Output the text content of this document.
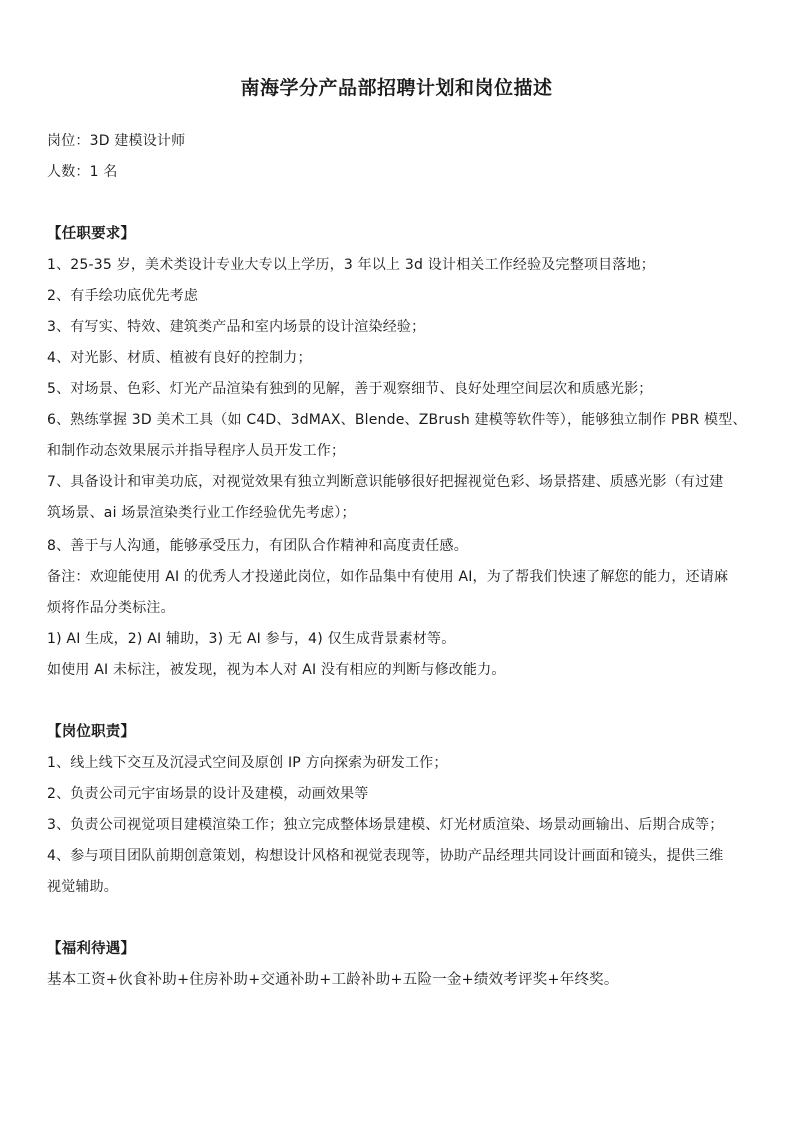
南海学分产品部招聘计划和岗位描述
岗位：3D 建模设计师
人数：1 名
【任职要求】
1、25-35 岁，美术类设计专业大专以上学历，3 年以上 3d 设计相关工作经验及完整项目落地；
2、有手绘功底优先考虑
3、有写实、特效、建筑类产品和室内场景的设计渲染经验；
4、对光影、材质、植被有良好的控制力；
5、对场景、色彩、灯光产品渲染有独到的见解，善于观察细节、良好处理空间层次和质感光影；
6、熟练掌握 3D 美术工具（如 C4D、3dMAX、Blende、ZBrush 建模等软件等），能够独立制作 PBR 模型、
和制作动态效果展示并指导程序人员开发工作；
7、具备设计和审美功底，对视觉效果有独立判断意识能够很好把握视觉色彩、场景搭建、质感光影（有过建
筑场景、ai 场景渲染类行业工作经验优先考虑）；
8、善于与人沟通，能够承受压力，有团队合作精神和高度责任感。
备注：欢迎能使用 AI 的优秀人才投递此岗位，如作品集中有使用 AI，为了帮我们快速了解您的能力，还请麻
烦将作品分类标注。
1) AI 生成，2) AI 辅助，3) 无 AI 参与，4) 仅生成背景素材等。
如使用 AI 未标注，被发现，视为本人对 AI 没有相应的判断与修改能力。
【岗位职责】
1、线上线下交互及沉浸式空间及原创 IP 方向探索为研发工作；
2、负责公司元宇宙场景的设计及建模，动画效果等
3、负责公司视觉项目建模渲染工作；独立完成整体场景建模、灯光材质渲染、场景动画输出、后期合成等；
4、参与项目团队前期创意策划，构想设计风格和视觉表现等，协助产品经理共同设计画面和镜头，提供三维
视觉辅助。
【福利待遇】
基本工资+伙食补助+住房补助+交通补助+工龄补助+五险一金+绩效考评奖+年终奖。
